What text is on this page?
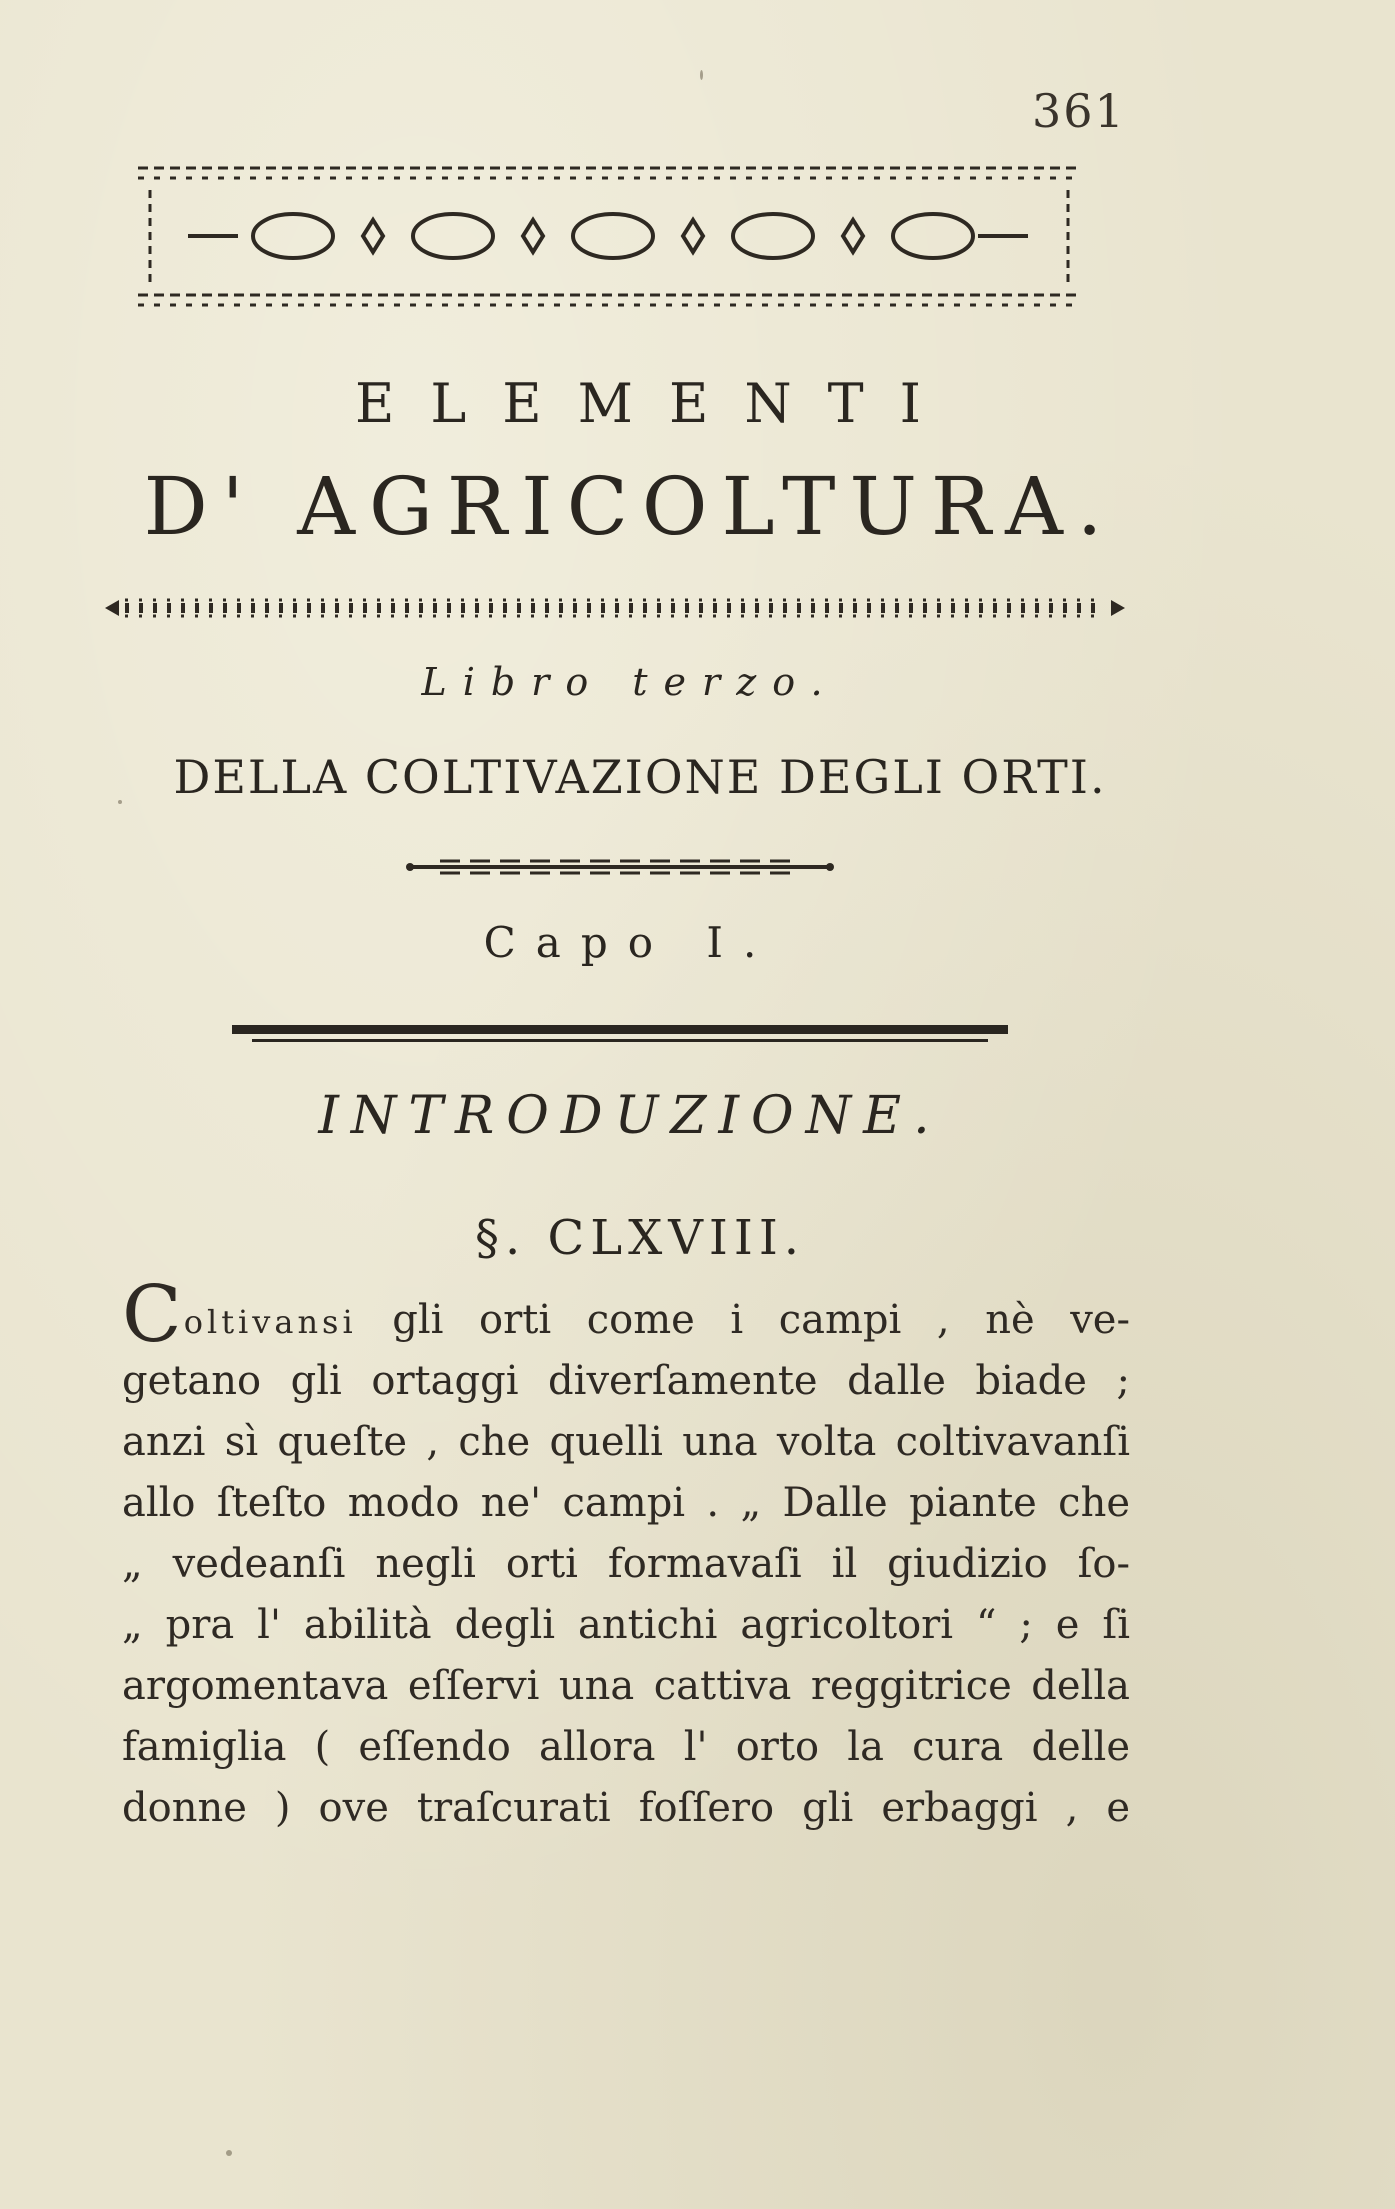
361
ELEMENTI
D' AGRICOLTURA.
Libro terzo.
DELLA COLTIVAZIONE DEGLI ORTI.
Capo I.
INTRODUZIONE.
§. CLXVIII.
Coltivansi gli orti come i campi , nè ve-
getano gli ortaggi diverſamente dalle biade ;
anzi sì queſte , che quelli una volta coltivavanſi
allo ſteſto modo ne' campi . „ Dalle piante che
„ vedeanſi negli orti formavaſi il giudizio ſo-
„ pra l' abilità degli antichi agricoltori “ ; e ſi
argomentava eſſervi una cattiva reggitrice della
famiglia ( eſſendo allora l' orto la cura delle
donne ) ove traſcurati foſſero gli erbaggi , e
